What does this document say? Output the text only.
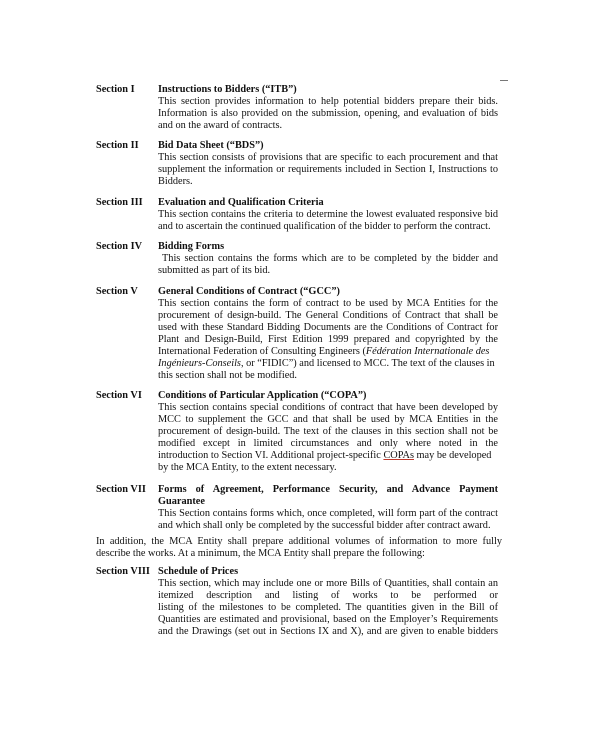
Section I	Instructions to Bidders (“ITB”)
This section provides information to help potential bidders prepare their bids.
Information is also provided on the submission, opening, and evaluation of bids
and on the award of contracts.
Section II	Bid Data Sheet (“BDS”)
This section consists of provisions that are specific to each procurement and that
supplement the information or requirements included in Section I, Instructions to
Bidders.
Section III	Evaluation and Qualification Criteria
This section contains the criteria to determine the lowest evaluated responsive bid
and to ascertain the continued qualification of the bidder to perform the contract.
Section IV	Bidding Forms
This section contains the forms which are to be completed by the bidder and
submitted as part of its bid.
Section V	General Conditions of Contract (“GCC”)
This section contains the form of contract to be used by MCA Entities for the
procurement of design-build. The General Conditions of Contract that shall be
used with these Standard Bidding Documents are the Conditions of Contract for
Plant and Design-Build, First Edition 1999 prepared and copyrighted by the
International Federation of Consulting Engineers (Fédération Internationale des
Ingénieurs-Conseils, or “FIDIC”) and licensed to MCC. The text of the clauses in
this section shall not be modified.
Section VI	Conditions of Particular Application (“COPA”)
This section contains special conditions of contract that have been developed by
MCC to supplement the GCC and that shall be used by MCA Entities in the
procurement of design-build. The text of the clauses in this section shall not be
modified except in limited circumstances and only where noted in the
introduction to Section VI. Additional project-specific COPAs may be developed
by the MCA Entity, to the extent necessary.
Section VII	Forms of Agreement, Performance Security, and Advance Payment Guarantee
This Section contains forms which, once completed, will form part of the contract
and which shall only be completed by the successful bidder after contract award.
In addition, the MCA Entity shall prepare additional volumes of information to more fully
describe the works. At a minimum, the MCA Entity shall prepare the following:
Section VIII Schedule of Prices
This section, which may include one or more Bills of Quantities, shall contain an
itemized description and listing of works to be performed or
listing of the milestones to be completed. The quantities given in the Bill of
Quantities are estimated and provisional, based on the Employer’s Requirements
and the Drawings (set out in Sections IX and X), and are given to enable bidders
